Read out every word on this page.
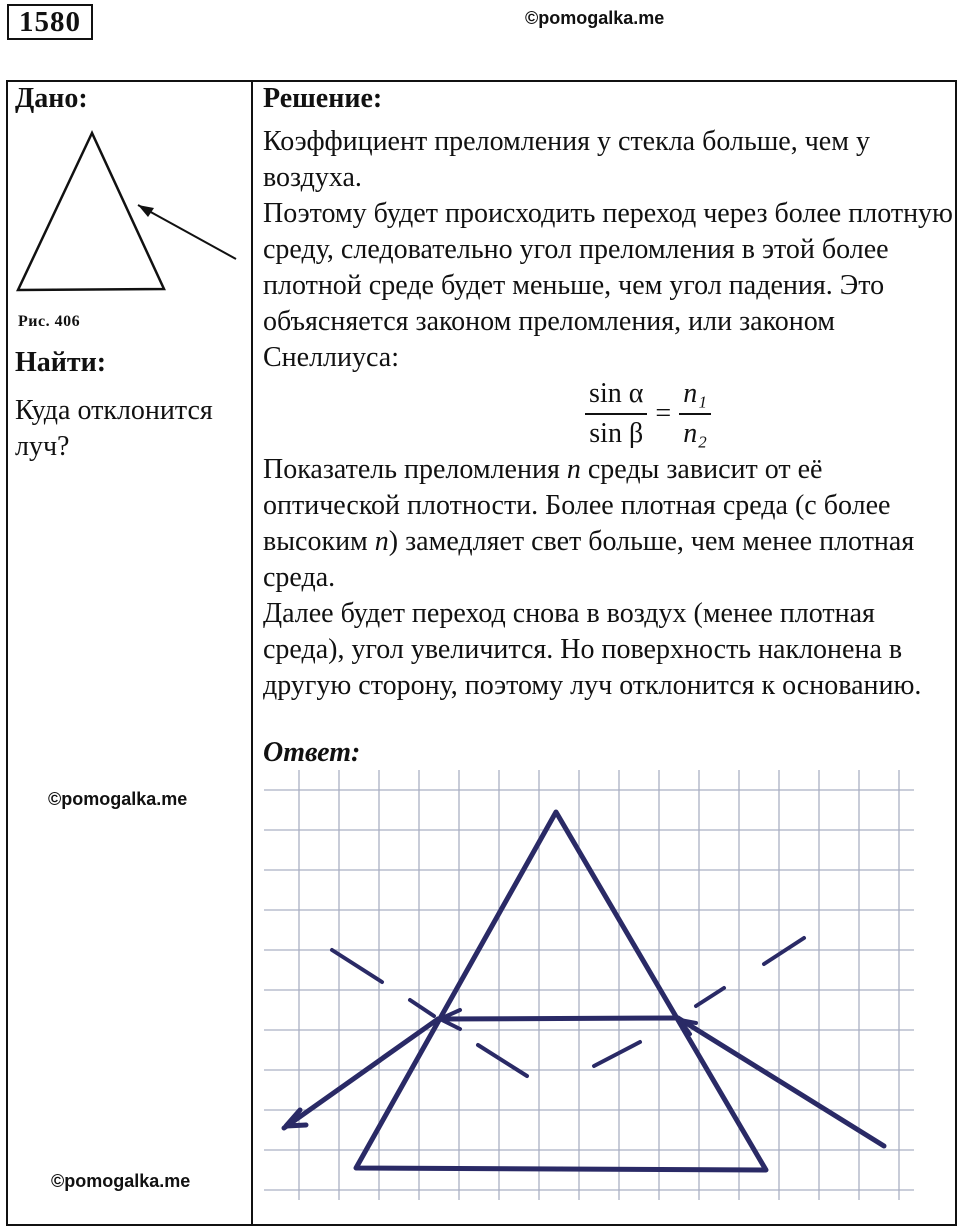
1580	©pomogalka.me
Дано:
Рис. 406
Найти:
Куда отклонится луч?
©pomogalka.me
©pomogalka.me
Решение:

Коэффициент преломления у стекла больше, чем у воздуха.

Поэтому будет происходить переход через более плотную среду, следовательно угол преломления в этой более плотной среде будет меньше, чем угол падения. Это объясняется законом преломления, или законом Снеллиуса:

$\frac{\text{sin α}}{\text{sin β}} = \frac{\text{n₁}}{\text{n₂}}$

Показатель преломления n среды зависит от её оптической плотности. Более плотная среда (с более высоким n) замедляет свет больше, чем менее плотная среда.

Далее будет переход снова в воздух (менее плотная среда), угол увеличится. Но поверхность наклонена в другую сторону, поэтому луч отклонится к основанию.

Ответ:
